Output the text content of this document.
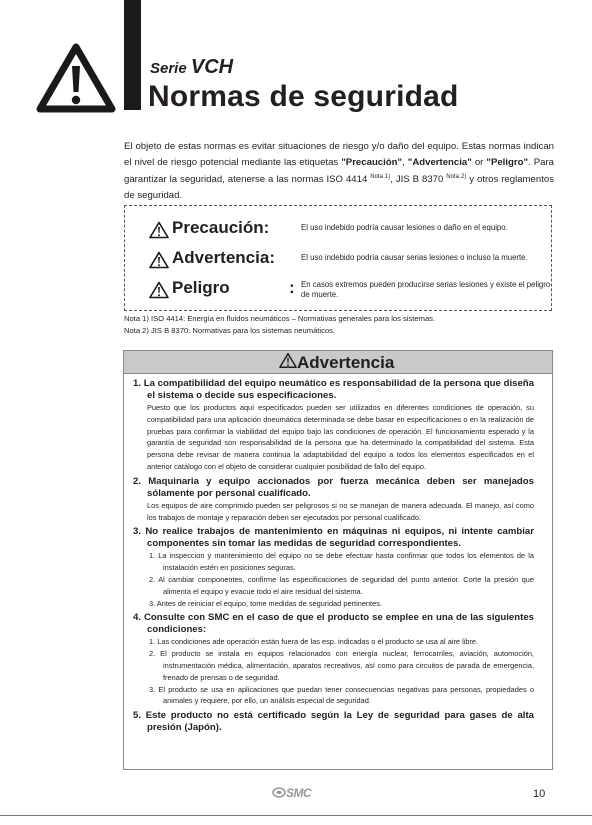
Serie VCH
Normas de seguridad
El objeto de estas normas es evitar situaciones de riesgo y/o daño del equipo. Estas normas indican el nivel de riesgo potencial mediante las etiquetas "Precaución", "Advertencia" or "Peligro". Para garantizar la seguridad, atenerse a las normas ISO 4414 $^{Nota 1)}$, JIS B 8370 $^{Nota 2)}$ y otros reglamentos de seguridad.
Precaución:	El uso indebido podría causar lesiones o daño en el equipo.
Advertencia:	El uso indebido podría causar serias lesiones o incluso la muerte.
Peligro	: En casos extremos pueden producirse serias lesiones y existe el peligro de muerte.
Nota 1) ISO 4414: Energía en fluidos neumáticos – Normativas generales para los sistemas.
Nota 2) JIS B 8370: Normativas para los sistemas neumáticos.
Advertencia
1. La compatibilidad del equipo neumático es responsabilidad de la persona que diseña el sistema o decide sus especificaciones.
Puesto que los productos aquí especificados pueden ser utilizados en diferentes condiciones de operación, su compatibilidad para una aplicación dneumática determinada se debe basar en especificaciones o en la realización de pruebas para confirmar la viabilidad del equipo bajo las condiciones de operación. El funcionamiento esperado y la garantía de seguridad son responsabilidad de la persona que ha determinado la compatibilidad del sistema. Esta persona debe revisar de manera continua la adaptabilidad del equipo a todos los elementos especificados en el anterior catálogo con el objeto de considerar cualquier posibilidad de fallo del equipo.
2. Maquinaria y equipo accionados por fuerza mecánica deben ser manejados sólamente por personal cualificado.
Los equipos de aire comprimido pueden ser peligrosos si no se manejan de manera adecuada. El manejo, así como los trabajos de montaje y reparación deben ser ejecutados por personal cualificado.
3. No realice trabajos de mantenimiento en máquinas ni equipos, ni intente cambiar componentes sin tomar las medidas de seguridad correspondientes.
1. La inspeccion y mantenimiento del equipo no se debe efectuar hasta confirmar que todos los elementos de la instalación estén en posiciones seguras.
2. Al cambiar componentes, confirme las especificaciones de seguridad del punto anterior. Corte la presión que alimenta el equipo y evacue todo el aire residual del sistema.
3. Antes de reiniciar el equipo, tome medidas de seguridad pertinentes.
4. Consulte con SMC en el caso de que el producto se emplee en una de las siguientes condiciones:
1. Las condiciones ade operación están fuera de las esp. indicadas o el producto se usa al aire libre.
2. El producto se instala en equipos relacionados con energía nuclear, ferrocarriles, aviación, automoción, instrumentación médica, alimentación, aparatos recreativos, así como para circuitos de parada de emergencia, frenado de prensas o de seguridad.
3. El producto se usa en aplicaciones que puedan tener consecuencias negativas para personas, propiedades o animales y requiere, por ello, un análisis especial de seguridad.
5. Este producto no está certificado según la Ley de seguridad para gases de alta presión (Japón).
SMC	10
